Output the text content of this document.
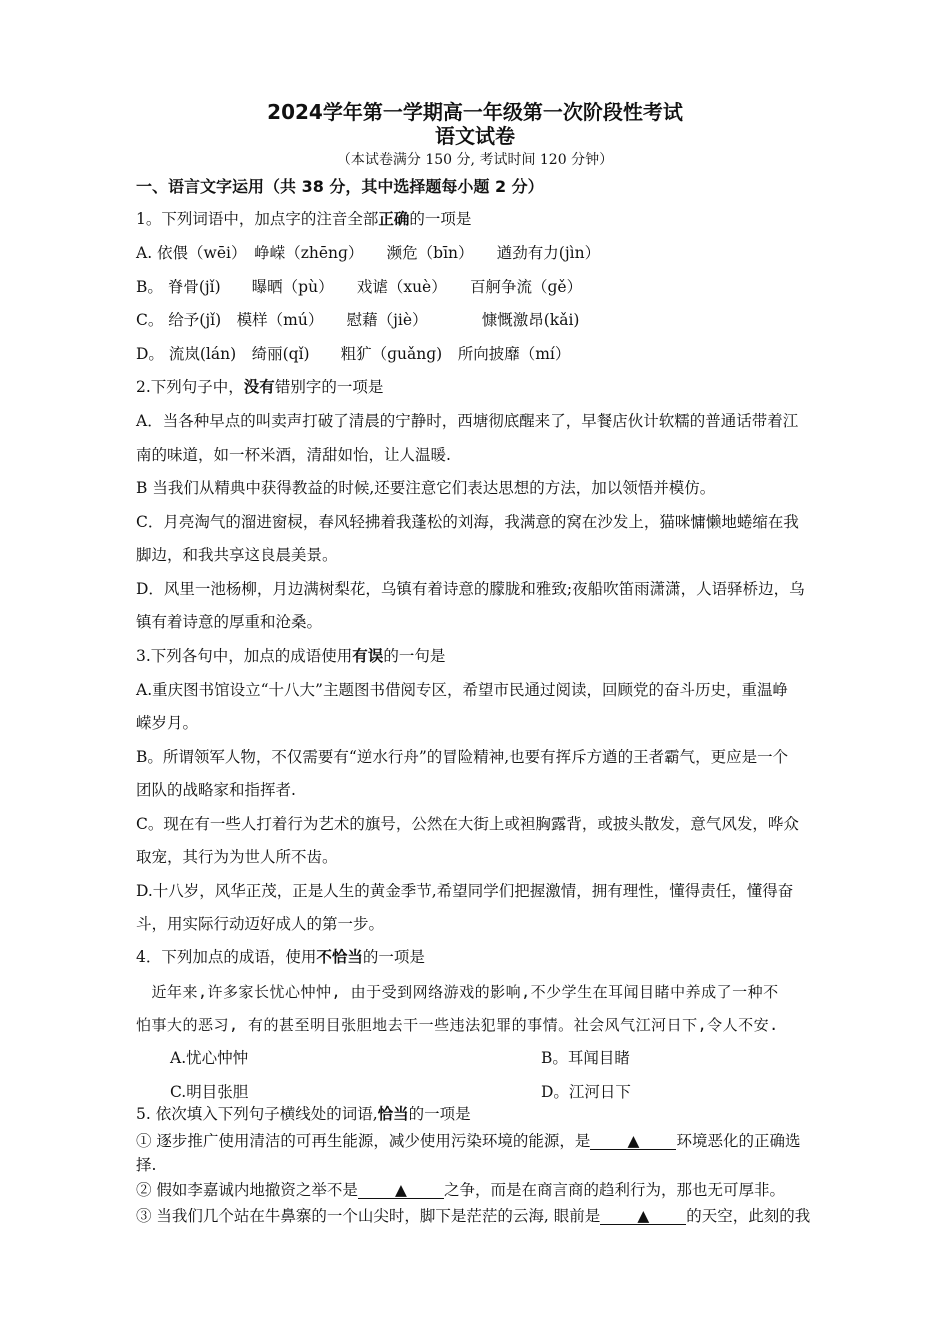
2024学年第一学期高一年级第一次阶段性考试
语文试卷
（本试卷满分 150 分, 考试时间 120 分钟）
一、语言文字运用（共 38 分，其中选择题每小题 2 分）
1。下列词语中，加点字的注音全部正确的一项是
A. 依偎（wēi）　峥嵘（zhēnɡ）　　濒危（bīn）　　遒劲有力(jìn）
B。 脊骨(jǐ)　　曝晒（pù）　　戏谑（xuè）　　百舸争流（ɡě）
C。 给予(jǐ)　模样（mú）　　慰藉（jiè）　　　　慷慨激昂(kǎi)
D。 流岚(lán)　绮丽(qǐ)　　粗犷（ɡuǎnɡ)　所向披靡（mí）
2.下列句子中，没有错别字的一项是
A．当各种早点的叫卖声打破了清晨的宁静时，西塘彻底醒来了，早餐店伙计软糯的普通话带着江
南的味道，如一杯米酒，清甜如怡，让人温暖.
B 当我们从精典中获得教益的时候,还要注意它们表达思想的方法，加以领悟并模仿。
C．月亮淘气的溜进窗棂，春风轻拂着我蓬松的刘海，我满意的窝在沙发上，猫咪慵懒地蜷缩在我
脚边，和我共享这良晨美景。
D．风里一池杨柳，月边满树梨花，乌镇有着诗意的朦胧和雅致;夜船吹笛雨潇潇，人语驿桥边，乌
镇有着诗意的厚重和沧桑。
3.下列各句中，加点的成语使用有误的一句是
A.重庆图书馆设立“十八大”主题图书借阅专区，希望市民通过阅读，回顾党的奋斗历史，重温峥
嵘岁月。
B。所谓领军人物，不仅需要有“逆水行舟”的冒险精神,也要有挥斥方遒的王者霸气，更应是一个
团队的战略家和指挥者.
C。现在有一些人打着行为艺术的旗号，公然在大街上或袒胸露背，或披头散发，意气风发，哗众
取宠，其行为为世人所不齿。
D.十八岁，风华正茂，正是人生的黄金季节,希望同学们把握激情，拥有理性，懂得责任，懂得奋
斗，用实际行动迈好成人的第一步。
4．下列加点的成语，使用不恰当的一项是
　近年来,许多家长忧心忡忡, 由于受到网络游戏的影响,不少学生在耳闻目睹中养成了一种不
怕事大的恶习, 有的甚至明目张胆地去干一些违法犯罪的事情。社会风气江河日下,令人不安.
A.忧心忡忡	B。耳闻目睹
C.明目张胆	D。江河日下
5. 依次填入下列句子横线处的词语,恰当的一项是
① 逐步推广使用清洁的可再生能源，减少使用污染环境的能源，是 ▲ 环境恶化的正确选
择.
② 假如李嘉诚内地撤资之举不是 ▲ 之争，而是在商言商的趋利行为，那也无可厚非。
③ 当我们几个站在牛鼻寨的一个山尖时，脚下是茫茫的云海, 眼前是 ▲ 的天空，此刻的我
